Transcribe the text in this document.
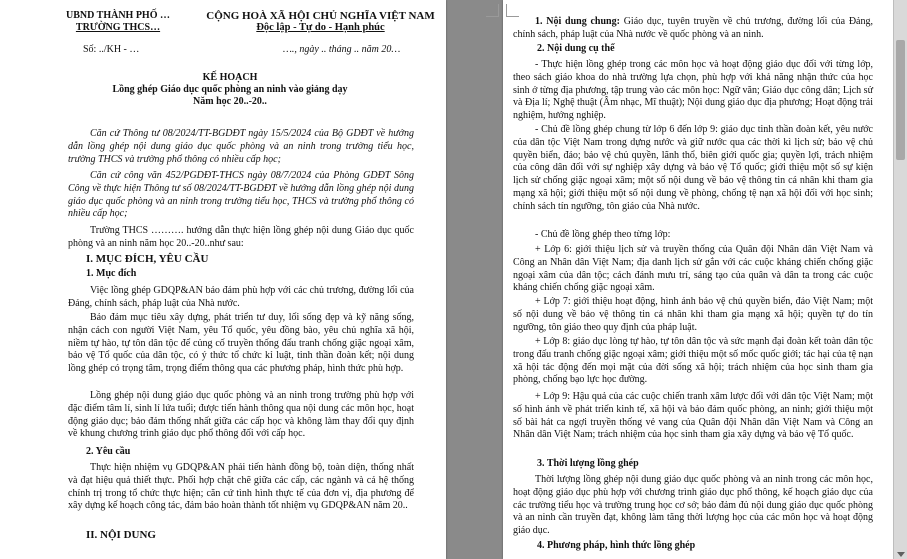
UBND THÀNH PHỐ …
TRƯỜNG THCS…
CỘNG HOÀ XÃ HỘI CHỦ NGHĨA VIỆT NAM
Độc lập - Tự do - Hạnh phúc
Số: ../KH - …	…., ngày .. tháng .. năm 20…
KẾ HOẠCH
Lồng ghép Giáo dục quốc phòng an ninh vào giảng dạy
Năm học 20..-20..
Căn cứ Thông tư 08/2024/TT-BGDĐT ngày 15/5/2024 của Bộ GDĐT về hướng dẫn lồng ghép nội dung giáo dục quốc phòng và an ninh trong trường tiểu học, trường THCS và trường phổ thông có nhiều cấp học;
Căn cứ công văn 452/PGDĐT-THCS ngày 08/7/2024 của Phòng GDĐT Sông Công về thực hiện Thông tư số 08/2024/TT-BGDĐT về hướng dẫn lồng ghép nội dung giáo dục quốc phòng và an ninh trong trường tiểu học, THCS và trường phổ thông có nhiều cấp học;
Trường THCS ………. hướng dẫn thực hiện lồng ghép nội dung Giáo dục quốc phòng và an ninh năm học 20..-20..như sau:
I. MỤC ĐÍCH, YÊU CẦU
1. Mục đích
Việc lồng ghép GDQP&AN bảo đảm phù hợp với các chủ trương, đường lối của Đảng, chính sách, pháp luật của Nhà nước.
Bảo đảm mục tiêu xây dựng, phát triển tư duy, lối sống đẹp và kỹ năng sống, nhận cách con người Việt Nam, yêu Tổ quốc, yêu đồng bào, yêu chủ nghĩa xã hội, niềm tự hào, tự tôn dân tộc để củng cố truyền thống đấu tranh chống giặc ngoại xâm, bảo vệ Tổ quốc của dân tộc, có ý thức tổ chức kỉ luật, tinh thần đoàn kết; nội dung lồng ghép có trọng tâm, trọng điểm thông qua các phương pháp, hình thức phù hợp.
Lồng ghép nội dung giáo dục quốc phòng và an ninh trong trường phù hợp với đặc điểm tâm lí, sinh lí lứa tuổi; được tiến hành thông qua nội dung các môn học, hoạt động giáo dục; bảo đảm thống nhất giữa các cấp học và không làm thay đổi quy định về khung chương trình giáo dục phổ thông đối với cấp học.
2. Yêu cầu
Thực hiện nhiệm vụ GDQP&AN phải tiến hành đồng bộ, toàn diện, thống nhất và đạt hiệu quả thiết thực. Phối hợp chặt chẽ giữa các cấp, các ngành và cả hệ thống chính trị trong tổ chức thực hiện; căn cứ tình hình thực tế của đơn vị, địa phương để xây dựng kế hoạch công tác, đảm bảo hoàn thành tốt nhiệm vụ GDQP&AN năm 20..
II. NỘI DUNG
1. Nội dung chung: Giáo dục, tuyên truyền về chủ trương, đường lối của Đảng, chính sách, pháp luật của Nhà nước về quốc phòng và an ninh.
2. Nội dung cụ thể
- Thực hiện lồng ghép trong các môn học và hoạt động giáo dục đối với từng lớp, theo sách giáo khoa do nhà trường lựa chọn, phù hợp với khả năng nhận thức của học sinh ở từng địa phương, tập trung vào các môn học: Ngữ văn; Giáo dục công dân; Lịch sử và Địa lí; Nghệ thuật (Âm nhạc, Mĩ thuật); Nội dung giáo dục địa phương; Hoạt động trải nghiệm, hướng nghiệp.
- Chủ đề lồng ghép chung từ lớp 6 đến lớp 9: giáo dục tinh thần đoàn kết, yêu nước của dân tộc Việt Nam trong dựng nước và giữ nước qua các thời kì lịch sử; bảo vệ chủ quyền biển, đảo; bảo vệ chủ quyền, lãnh thổ, biên giới quốc gia; quyền lợi, trách nhiệm của công dân đối với sự nghiệp xây dựng và bảo vệ Tổ quốc; giới thiệu một số sự kiện lịch sử chống giặc ngoại xâm; một số nội dung về bảo vệ thông tin cá nhân khi tham gia mạng xã hội; giới thiệu một số nội dung về phòng, chống tệ nạn xã hội đối với học sinh; chính sách tín ngưỡng, tôn giáo của Nhà nước.
- Chủ đề lồng ghép theo từng lớp:
+ Lớp 6: giới thiệu lịch sử và truyền thống của Quân đội Nhân dân Việt Nam và Công an Nhân dân Việt Nam; địa danh lịch sử gắn với các cuộc kháng chiến chống giặc ngoại xâm của dân tộc; cách đánh mưu trí, sáng tạo của quân và dân ta trong các cuộc kháng chiến chống giặc ngoại xâm.
+ Lớp 7: giới thiệu hoạt động, hình ảnh bảo vệ chủ quyền biển, đảo Việt Nam; một số nội dung về bảo vệ thông tin cá nhân khi tham gia mạng xã hội; quyền tự do tín ngưỡng, tôn giáo theo quy định của pháp luật.
+ Lớp 8: giáo dục lòng tự hào, tự tôn dân tộc và sức mạnh đại đoàn kết toàn dân tộc trong đấu tranh chống giặc ngoại xâm; giới thiệu một số mốc quốc giới; tác hại của tệ nạn xã hội tác động đến mọi mặt của đời sống xã hội; trách nhiệm của học sinh tham gia phòng, chống bạo lực học đường.
+ Lớp 9: Hậu quả của các cuộc chiến tranh xâm lược đối với dân tộc Việt Nam; một số hình ảnh về phát triển kinh tế, xã hội và bảo đảm quốc phòng, an ninh; giới thiệu một số bài hát ca ngợi truyền thống vẻ vang của Quân đội Nhân dân Việt Nam và Công an Nhân dân Việt Nam; trách nhiệm của học sinh tham gia xây dựng và bảo vệ Tổ quốc.
3. Thời lượng lồng ghép
Thời lượng lồng ghép nội dung giáo dục quốc phòng và an ninh trong các môn học, hoạt động giáo dục phù hợp với chương trình giáo dục phổ thông, kế hoạch giáo dục của các trường tiểu học và trường trung học cơ sở; bảo đảm đủ nội dung giáo dục quốc phòng và an ninh cần truyền đạt, không làm tăng thời lượng học của các môn học và hoạt động giáo dục.
4. Phương pháp, hình thức lồng ghép
